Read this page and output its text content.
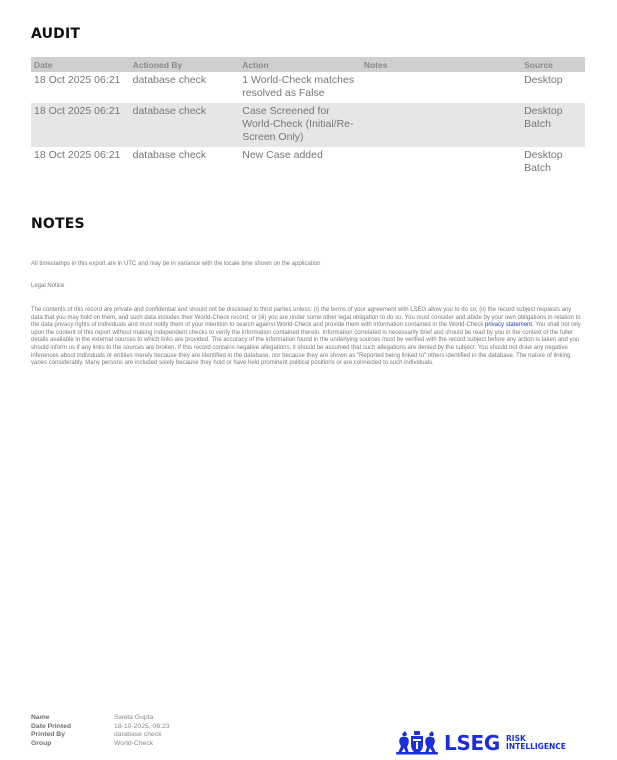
AUDIT
Date	Actioned By	Action	Notes	Source
18 Oct 2025 06:21	database check	1 World-Check matches resolved as False		Desktop
18 Oct 2025 06:21	database check	Case Screened for World-Check (Initial/Re-Screen Only)		Desktop Batch
18 Oct 2025 06:21	database check	New Case added		Desktop Batch
NOTES
All timestamps in this export are in UTC and may be in variance with the locale time shown on the application
Legal Notice
The contents of this record are private and confidential and should not be disclosed to third parties unless: (i) the terms of your agreement with LSEG allow you to do so; (ii) the record subject requests any data that you may hold on them, and such data includes their World-Check record; or (iii) you are under some other legal obligation to do so. You must consider and abide by your own obligations in relation to the data privacy rights of individuals and must notify them of your intention to search against World-Check and provide them with information contained in the World-Check privacy statement. You shall not rely upon the content of this report without making independent checks to verify the information contained therein. Information correlated is necessarily brief and should be read by you in the context of the fuller details available in the external sources to which links are provided. The accuracy of the information found in the underlying sources must be verified with the record subject before any action is taken and you should inform us if any links to the sources are broken. If this record contains negative allegations, it should be assumed that such allegations are denied by the subject. You should not draw any negative inferences about individuals or entities merely because they are identified in the database, nor because they are shown as "Reported being linked to" others identified in the database. The nature of linking varies considerably. Many persons are included solely because they hold or have held prominent political positions or are connected to such individuals.
Name	Sweta Gupta
Date Printed	18-10-2025, 06:23
Printed By	database check
Group	World-Check	LSEG RISK
INTELLIGENCE
